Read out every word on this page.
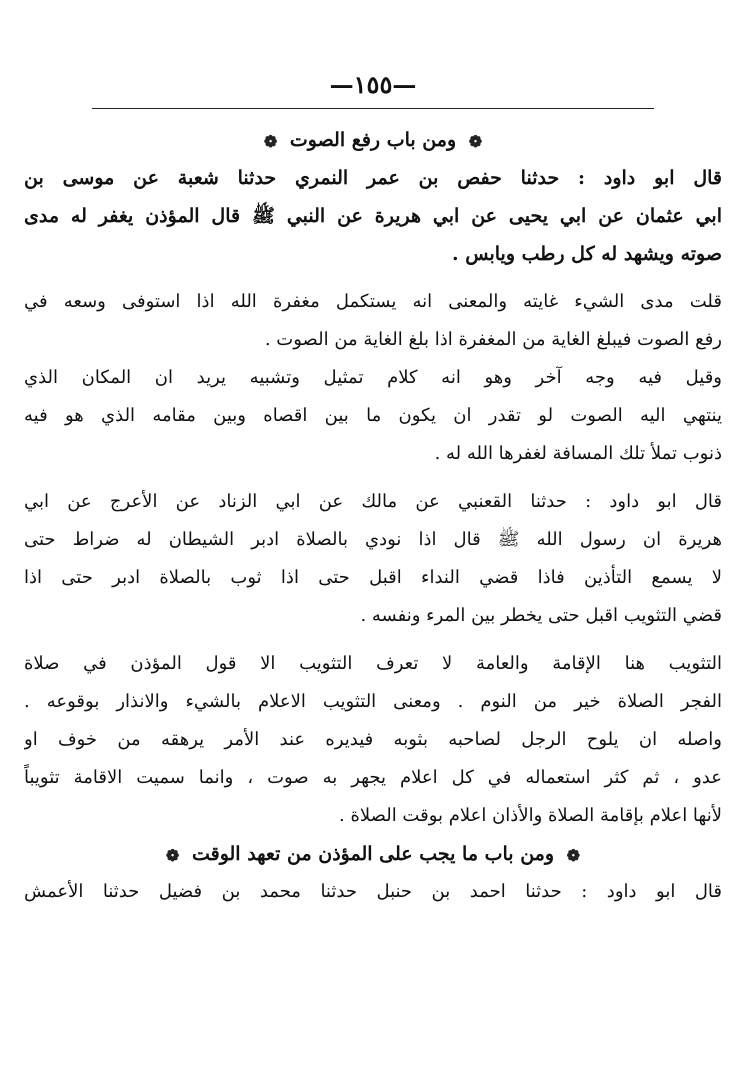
—١٥٥—
❁ ومن باب رفع الصوت ❁
قال ابو داود : حدثنا حفص بن عمر النمري حدثنا شعبة عن موسى بن
ابي عثمان عن ابي يحيى عن ابي هريرة عن النبي ﷺ قال المؤذن يغفر له مدى
صوته ويشهد له كل رطب ويابس .
قلت مدى الشيء غايته والمعنى انه يستكمل مغفرة الله اذا استوفى وسعه في
رفع الصوت فيبلغ الغاية من المغفرة اذا بلغ الغاية من الصوت .
وقيل فيه وجه آخر وهو انه كلام تمثيل وتشبيه يريد ان المكان الذي
ينتهي اليه الصوت لو تقدر ان يكون ما بين اقصاه وبين مقامه الذي هو فيه
ذنوب تملأ تلك المسافة لغفرها الله له .
قال ابو داود : حدثنا القعنبي عن مالك عن ابي الزناد عن الأعرج عن ابي
هريرة ان رسول الله ﷺ قال اذا نودي بالصلاة ادبر الشيطان له ضراط حتى
لا يسمع التأذين فاذا قضي النداء اقبل حتى اذا ثوب بالصلاة ادبر حتى اذا
قضي التثويب اقبل حتى يخطر بين المرء ونفسه .
التثويب هنا الإقامة والعامة لا تعرف التثويب الا قول المؤذن في صلاة
الفجر الصلاة خير من النوم . ومعنى التثويب الاعلام بالشيء والانذار بوقوعه .
واصله ان يلوح الرجل لصاحبه بثوبه فيديره عند الأمر يرهقه من خوف او
عدو ، ثم كثر استعماله في كل اعلام يجهر به صوت ، وانما سميت الاقامة تثويباً
لأنها اعلام بإقامة الصلاة والأذان اعلام بوقت الصلاة .
❁ ومن باب ما يجب على المؤذن من تعهد الوقت ❁
قال ابو داود : حدثنا احمد بن حنبل حدثنا محمد بن فضيل حدثنا الأعمش
